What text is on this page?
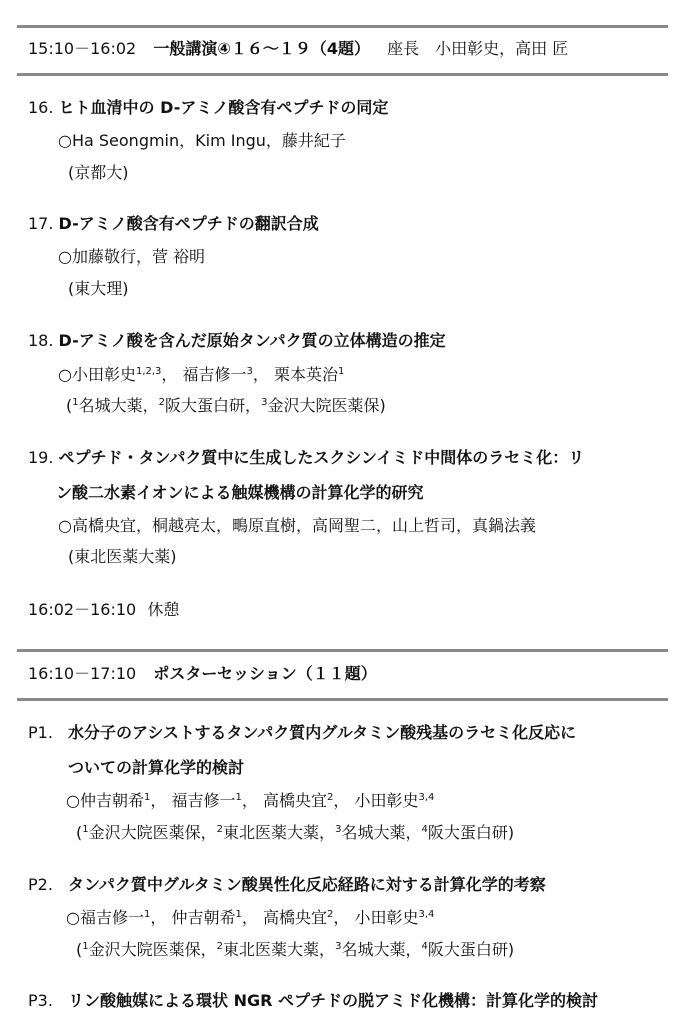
15:10－16:02 一般講演④１６～１９（4題） 座長　小田彰史，高田 匠
16. ヒト血清中の D-アミノ酸含有ペプチドの同定
○Ha Seongmin，Kim Ingu，藤井紀子
(京都大)
17. D-アミノ酸含有ペプチドの翻訳合成
○加藤敬行，菅 裕明
(東大理)
18. D-アミノ酸を含んだ原始タンパク質の立体構造の推定
○小田彰史$^{1,2,3}$， 福吉修一$^3$， 栗本英治$^1$
($^1$名城大薬，$^2$阪大蛋白研，$^3$金沢大院医薬保)
19. ペプチド・タンパク質中に生成したスクシンイミド中間体のラセミ化：リ
ン酸二水素イオンによる触媒機構の計算化学的研究
○高橋央宜，桐越亮太，鴫原直樹，高岡聖二，山上哲司，真鍋法義
(東北医薬大薬)
16:02－16:10 休憩
16:10－17:10 ポスターセッション（１１題）
P1. 水分子のアシストするタンパク質内グルタミン酸残基のラセミ化反応に
ついての計算化学的検討
○仲吉朝希$^1$， 福吉修一$^1$， 高橋央宜$^2$， 小田彰史$^{3,4}$
($^1$金沢大院医薬保，$^2$東北医薬大薬，$^3$名城大薬，$^4$阪大蛋白研)
P2. タンパク質中グルタミン酸異性化反応経路に対する計算化学的考察
○福吉修一$^1$， 仲吉朝希$^1$， 高橋央宜$^2$， 小田彰史$^{3,4}$
($^1$金沢大院医薬保，$^2$東北医薬大薬，$^3$名城大薬，$^4$阪大蛋白研)
P3. リン酸触媒による環状 NGR ペプチドの脱アミド化機構：計算化学的検討
